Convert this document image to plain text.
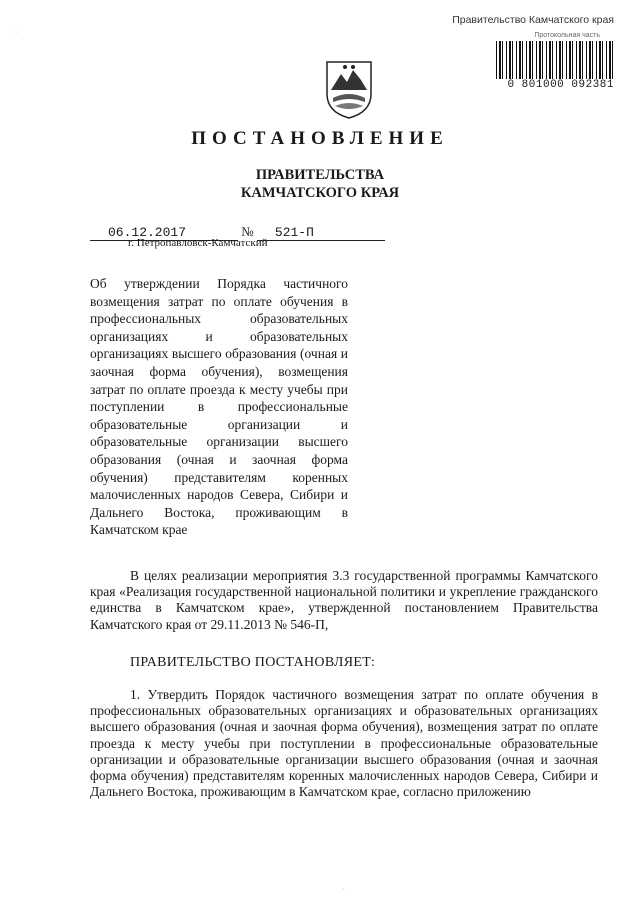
· ·
Правительство Камчатского края
Протокольная часть
0 801000 092381
ПОСТАНОВЛЕНИЕ
ПРАВИТЕЛЬСТВА
КАМЧАТСКОГО КРАЯ
06.12.2017	№ 521-П
г. Петропавловск-Камчатский

Об утверждении Порядка частичного возмещения затрат по оплате обучения в профессиональных образовательных организациях и образовательных организациях высшего образования (очная и заочная форма обучения), возмещения затрат по оплате проезда к месту учебы при поступлении в профессиональные образовательные организации и образовательные организации высшего образования (очная и заочная форма обучения) представителям коренных малочисленных народов Севера, Сибири и Дальнего Востока, проживающим в Камчатском крае

В целях реализации мероприятия 3.3 государственной программы Камчатского края «Реализация государственной национальной политики и укрепление гражданского единства в Камчатском крае», утвержденной постановлением Правительства Камчатского края от 29.11.2013 № 546-П,
ПРАВИТЕЛЬСТВО ПОСТАНОВЛЯЕТ:
1. Утвердить Порядок частичного возмещения затрат по оплате обучения в профессиональных образовательных организациях и образовательных организациях высшего образования (очная и заочная форма обучения), возмещения затрат по оплате проезда к месту учебы при поступлении в профессиональные образовательные организации и образовательные организации высшего образования (очная и заочная форма обучения) представителям коренных малочисленных народов Севера, Сибири и Дальнего Востока, проживающим в Камчатском крае, согласно приложению
.
